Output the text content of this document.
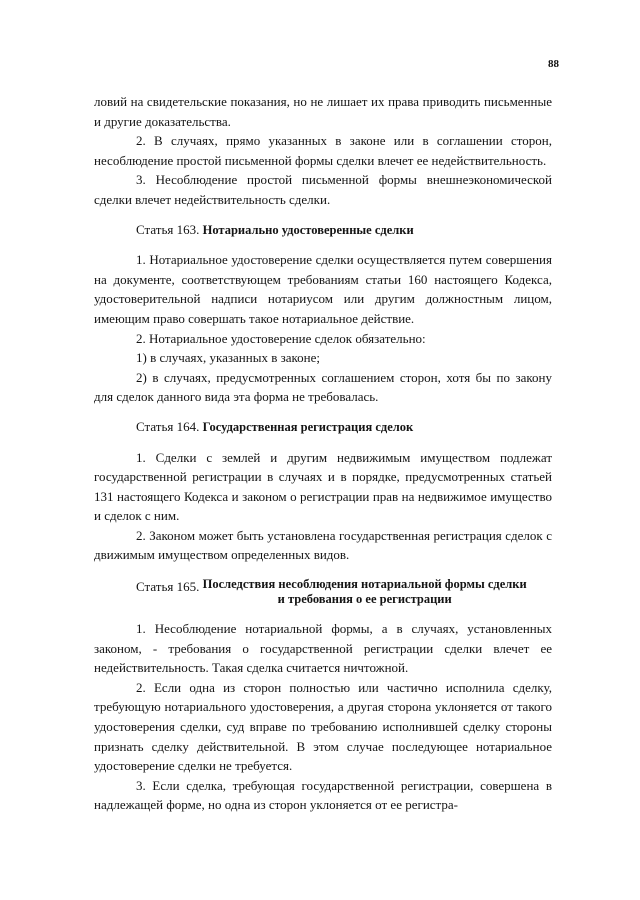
88

ловий на свидетельские показания, но не лишает их права приводить письменные и другие доказательства.

2. В случаях, прямо указанных в законе или в соглашении сторон, несоблюдение простой письменной формы сделки влечет ее недействительность.

3. Несоблюдение простой письменной формы внешнеэкономической сделки влечет недействительность сделки.

Статья 163. Нотариально удостоверенные сделки

1. Нотариальное удостоверение сделки осуществляется путем совершения на документе, соответствующем требованиям статьи 160 настоящего Кодекса, удостоверительной надписи нотариусом или другим должностным лицом, имеющим право совершать такое нотариальное действие.

2. Нотариальное удостоверение сделок обязательно:

1) в случаях, указанных в законе;

2) в случаях, предусмотренных соглашением сторон, хотя бы по закону для сделок данного вида эта форма не требовалась.

Статья 164. Государственная регистрация сделок

1. Сделки с землей и другим недвижимым имуществом подлежат государственной регистрации в случаях и в порядке, предусмотренных статьей 131 настоящего Кодекса и законом о регистрации прав на недвижимое имущество и сделок с ним.

2. Законом может быть установлена государственная регистрация сделок с движимым имуществом определенных видов.

Статья 165. Последствия несоблюдения нотариальной формы сделки
и требования о ее регистрации

1. Несоблюдение нотариальной формы, а в случаях, установленных законом, - требования о государственной регистрации сделки влечет ее недействительность. Такая сделка считается ничтожной.

2. Если одна из сторон полностью или частично исполнила сделку, требующую нотариального удостоверения, а другая сторона уклоняется от такого удостоверения сделки, суд вправе по требованию исполнившей сделку стороны признать сделку действительной. В этом случае последующее нотариальное удостоверение сделки не требуется.

3. Если сделка, требующая государственной регистрации, совершена в надлежащей форме, но одна из сторон уклоняется от ее регистра-
